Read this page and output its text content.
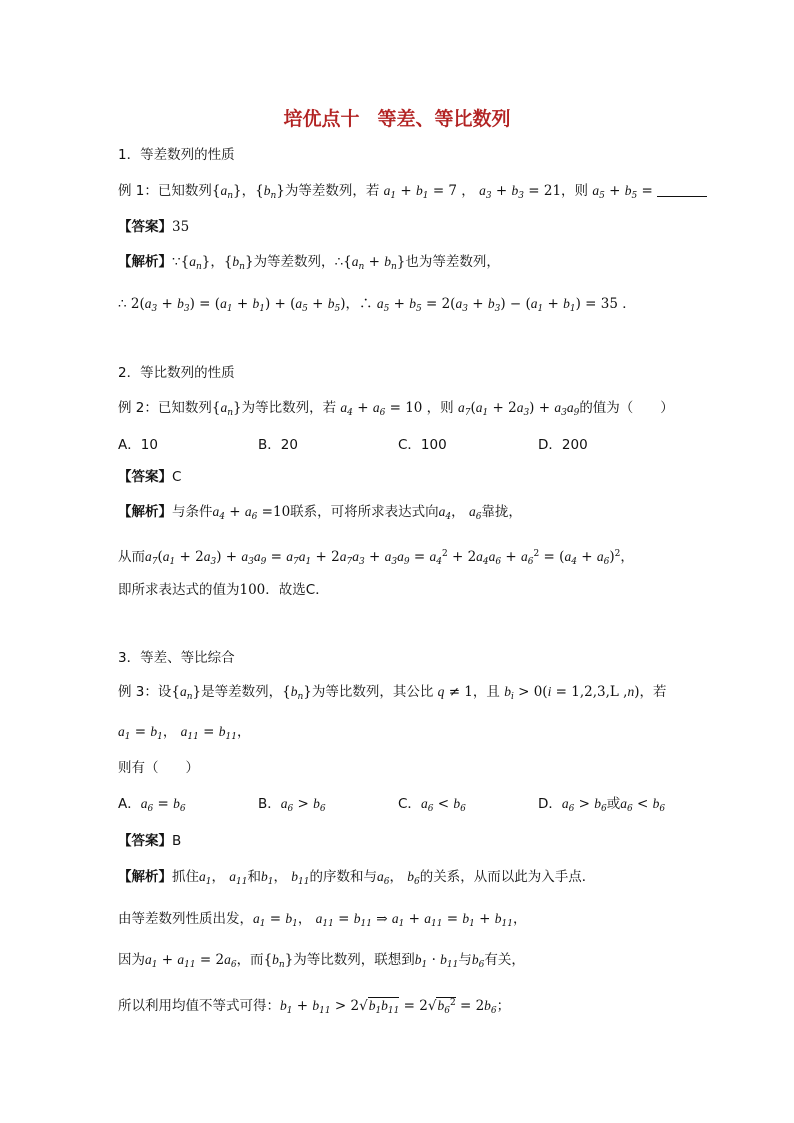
培优点十 等差、等比数列
1．等差数列的性质
例 1：已知数列$\{a_n\}$，$\{b_n\}$为等差数列，若 $a_1 + b_1 = 7$ ， $a_3 + b_3 = 21$，则 $a_5 + b_5$ =
【答案】35
【解析】$\because\{a_n\}$，$\{b_n\}$为等差数列，$\therefore\{a_n + b_n\}$也为等差数列，
∴ $2(a_3 + b_3) = (a_1 + b_1) + (a_5 + b_5)$，∴ $a_5 + b_5 = 2(a_3 + b_3) - (a_1 + b_1) = 35$ ．
2．等比数列的性质
例 2：已知数列$\{a_n\}$为等比数列，若 $a_4 + a_6 = 10$ ，则 $a_7(a_1 + 2a_3) + a_3a_9$的值为（　　）
A．10	B．20	C．100	D．200
【答案】C
【解析】与条件$a_4 + a_6 =10$联系，可将所求表达式向$a_4$， $a_6$靠拢，
从而$a_7(a_1 + 2a_3) + a_3a_9 = a_7a_1 + 2a_7a_3 + a_3a_9 = a_4^2 + 2a_4a_6 + a_6^2 = (a_4 + a_6)^2$，
即所求表达式的值为100．故选C．
3．等差、等比综合
例 3：设$\{a_n\}$是等差数列，$\{b_n\}$为等比数列，其公比 q ≠ 1，且 $b_i > 0(i = 1,2,3,L$ ,n)，若
$a_1 = b_1$， $a_{11} = b_{11}$，
则有（　　）
A．$a_6 = b_6$	B．$a_6 > b_6$	C．$a_6 < b_6$	D．$a_6 > b_6$或$a_6 < b_6$
【答案】B
【解析】抓住$a_1$， $a_{11}$和$b_1$， $b_{11}$的序数和与$a_6$， $b_6$的关系，从而以此为入手点．
由等差数列性质出发，$a_1 = b_1$， $a_{11} = b_{11}$ ⇒ $a_1 + a_{11} = b_1 + b_{11}$，
因为$a_1 + a_{11} = 2a_6$，而$\{b_n\}$为等比数列，联想到$b_1 \cdot b_{11}$与$b_6$有关，
所以利用均值不等式可得：$b_1 + b_{11} > 2√b_1b_{11} = 2√b_6^2 = 2b_6$；
